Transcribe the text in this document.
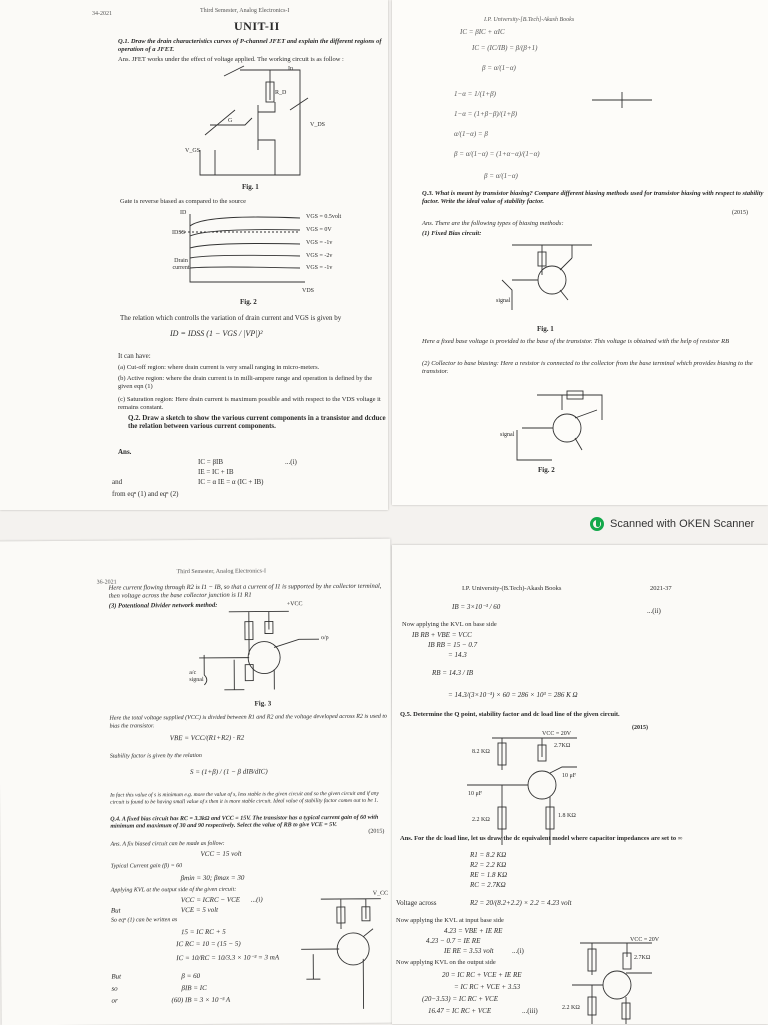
34-2021	Third Semester, Analog Electronics-I
UNIT-II
Q.1. Draw the drain characteristics curves of P-channel JFET and explain the different regions of operation of a JFET.
Ans. JFET works under the effect of voltage applied. The working circuit is as follow :
Iᴅ
R_D
G
V_DS
V_GS
Fig. 1
Gate is reverse biased as compared to the source
ID
IDSS
Drain current
VGS = 0.5volt
VGS = 0V
VGS = -1v
VGS = -2v
VGS = -1v
VDS
Fig. 2
The relation which controlls the variation of drain current and VGS is given by
ID = IDSS (1 − VGS / |VP|)²
It can have:
(a) Cut-off region: where drain current is very small ranging in micro-meters.
(b) Active region: where the drain current is in milli-ampere range and operation is defined by the given eqn (1)
(c) Saturation region: Here drain current is maximum possible and with respect to the VDS voltage it remains constant.
Q.2. Draw a sketch to show the various current components in a transistor and dcduce the relation between various current components.
Ans.
IC = βIB	...(i)
IE = IC + IB
and	IC = α IE = α (IC + IB)
from eqⁿ (1) and eqⁿ (2)
I.P. University-[B.Tech]-Akash Books
IC = βIC + αIC
IC = (IC/IB) = β/(β+1)
β = α/(1−α)
1−α = 1/(1+β)
1−α = (1+β−β)/(1+β)
α/(1−α) = β
β = α/(1−α) = (1+α−α)/(1−α)
β = α/(1−α)
Q.3. What is meant by transistor biasing? Compare different biasing methods used for transistor biasing with respect to stability factor. Write the ideal value of stability factor.
(2015)
Ans. There are the following types of biasing methods:
(1) Fixed Bias circuit:
signal
Fig. 1
Here a fixed base voltage is provided to the base of the transistor. This voltage is obtained with the help of resistor RB
(2) Collector to base biasing: Here a resistor is connected to the collector from the base terminal which provides biasing to the transistor.
signal
Fig. 2
Scanned with OKEN Scanner
36-2021
Third Semester, Analog Electronics-I
Here current flowing through R2 is I1 − IB, so that a current of I1 is supported by the collector terminal, then voltage across the base collector junction is I1 R1
(3) Potentional Divider network method:	+VCC
o/p
a/c signal
Fig. 3
Here the total voltage supplied (VCC) is divided between R1 and R2 and the voltage developed across R2 is used to bias the transistor.
VBE = VCC/(R1+R2) · R2
Stability factor is given by the relation
S = (1+β) / (1 − β dIB/dIC)
In fact this value of s is minimum e.g. more the value of s, less stable is the given circuit and so the given circuit and if any circuit is found to be having small value of s then it is more stable circuit. Ideal value of stability factor comes out to be 1.
Q.4. A fixed bias circuit has RC = 3.3kΩ and VCC = 15V. The transistor has a typical current gain of 60 with minimum and maximum of 30 and 90 respectively. Select the value of RB to give VCE = 5V.
(2015)
Ans. A fix biased circuit can be made as follow:
VCC = 15 volt
Typical Current gain (β) = 60
βmin = 30; βmax = 30
Applying KVL at the output side of the given circuit:
VCC = ICRC − VCE ...(i)
But	VCE = 5 volt
So eqⁿ (1) can be written as
15 = IC RC + 5
IC RC = 10 = (15 − 5)
IC = 10/RC = 10/3.3 × 10⁻³ = 3 mA
But	β = 60
so	βIB = IC
or	(60) IB = 3 × 10⁻³ A
V_CC
I.P. University-(B.Tech)-Akash Books	2021-37
IB = 3×10⁻³ / 60	...(ii)
Now applying the KVL on base side
IB RB + VBE = VCC
IB RB = 15 − 0.7
= 14.3
RB = 14.3 / IB
= 14.3/(3×10⁻³) × 60 = 286 × 10³ = 286 K Ω
Q.5. Determine the Q point, stability factor and dc load line of the given circuit.
(2015)
VCC = 20V
2.7KΩ
8.2 KΩ
10 μF
10 μF
2.2 KΩ
1.8 KΩ
Ans. For the dc load line, let us draw the dc equivalent model where capacitor impedances are set to ∞
R1 = 8.2 KΩ
R2 = 2.2 KΩ
RE = 1.8 KΩ
RC = 2.7KΩ
Voltage across	R2 = 20/(8.2+2.2) × 2.2 = 4.23 volt
Now applying the KVL at input base side
4.23 = VBE + IE RE
4.23 − 0.7 = IE RE
IE RE = 3.53 volt	...(i)
Now applying KVL on the output side
20 = IC RC + VCE + IE RE
= IC RC + VCE + 3.53
(20−3.53) = IC RC + VCE
16.47 = IC RC + VCE	...(iii)
VCC = 20V
2.7KΩ
2.2 KΩ
